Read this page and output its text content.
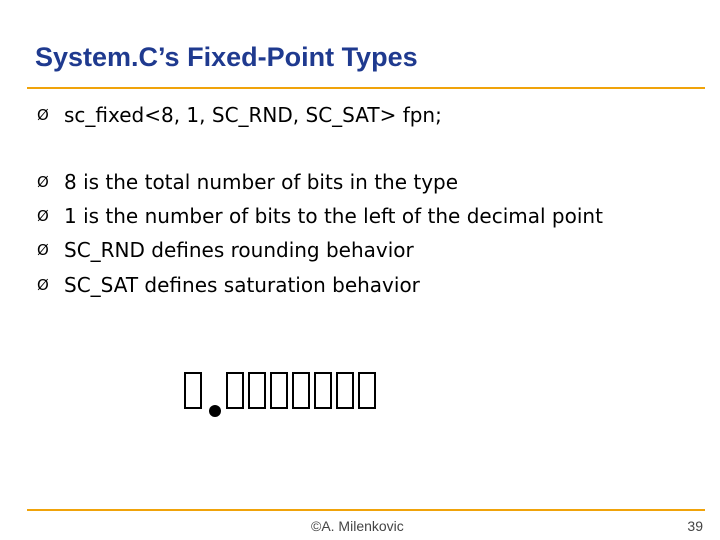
System.C’s Fixed-Point Types
Ø sc_fixed<8, 1, SC_RND, SC_SAT> fpn;
Ø 8 is the total number of bits in the type
Ø 1 is the number of bits to the left of the decimal point
Ø SC_RND defines rounding behavior
Ø SC_SAT defines saturation behavior
©A. Milenkovic	39
